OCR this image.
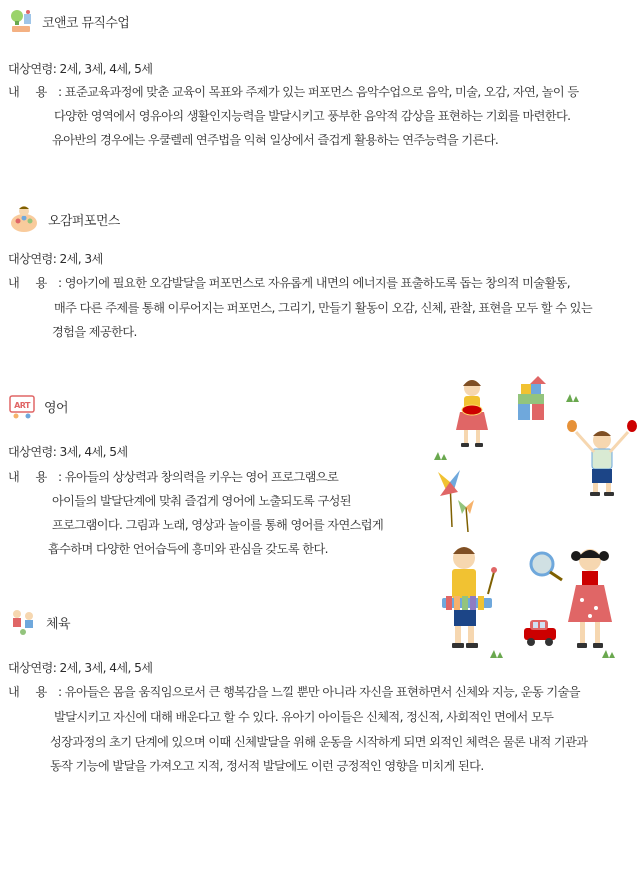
코앤코 뮤직수업
대상연령: 2세, 3세, 4세, 5세
내     용 : 표준교육과정에 맞춘 교육이 목표와 주제가 있는 퍼포먼스 음악수업으로 음악, 미술, 오감, 자연, 놀이 등
다양한 영역에서 영유아의 생활인지능력을 발달시키고 풍부한 음악적 감상을 표현하는 기회를 마련한다.
유아반의 경우에는 우쿨렐레 연주법을 익혀 일상에서 즐겁게 활용하는 연주능력을 기른다.
오감퍼포먼스
대상연령: 2세, 3세
내     용 : 영아기에 필요한 오감발달을 퍼포먼스로 자유롭게 내면의 에너지를 표출하도록 돕는 창의적 미술활동,
매주 다른 주제를 통해 이루어지는 퍼포먼스, 그리기, 만들기 활동이 오감, 신체, 관찰, 표현을 모두 할 수 있는
경험을 제공한다.
ART 영어
대상연령: 3세, 4세, 5세
내     용 : 유아들의 상상력과 창의력을 키우는 영어 프로그램으로
아이들의 발달단계에 맞춰 즐겁게 영어에 노출되도록 구성된
프로그램이다. 그림과 노래, 영상과 놀이를 통해 영어를 자연스럽게
흡수하며 다양한 언어습득에 흥미와 관심을 갖도록 한다.
체육
대상연령: 2세, 3세, 4세, 5세
내     용 : 유아들은 몸을 움직임으로서 큰 행복감을 느낄 뿐만 아니라 자신을 표현하면서 신체와 지능, 운동 기술을
발달시키고 자신에 대해 배운다고 할 수 있다. 유아기 아이들은 신체적, 정신적, 사회적인 면에서 모두
성장과정의 초기 단계에 있으며 이때 신체발달을 위해 운동을 시작하게 되면 외적인 체력은 물론 내적 기관과
동작 기능에 발달을 가져오고 지적, 정서적 발달에도 이런 긍정적인 영향을 미치게 된다.
